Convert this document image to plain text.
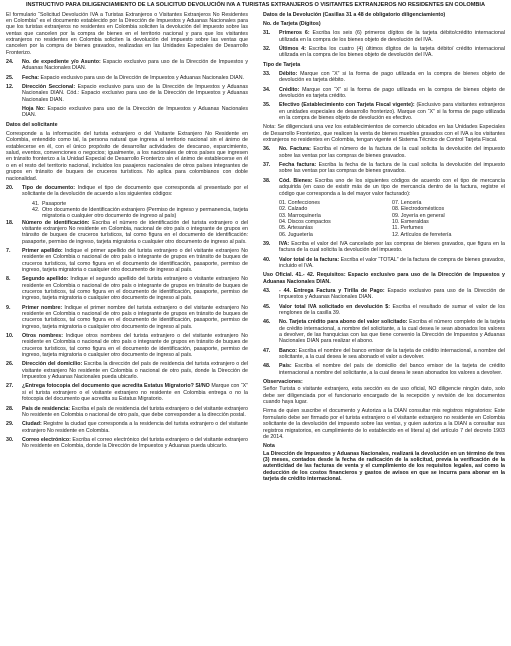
INSTRUCTIVO PARA DILIGENCIAMIENTO DE LA SOLICITUD DEVOLUCIÓN IVA A TURISTAS EXTRANJEROS O VISITANTES EXTRANJEROS NO RESIDENTES EN COLOMBIA

El formulario “Solicitud Devolución IVA a Turistas Extranjeros o Visitantes Extranjeros No Residentes en Colombia” es el documento establecido por la Dirección de Impuestos y Aduanas Nacionales para que los turistas extranjeros no residentes en Colombia soliciten la devolución del impuesto sobre las ventas que cancelen por la compra de bienes en el territorio nacional y para que los visitantes extranjeros no residentes en Colombia soliciten la devolución del impuesto sobre las ventas que cancelen por la compra de bienes gravados, realizadas en las Unidades Especiales de Desarrollo Fronterizo.

24.	No. de expediente y/o Asunto: Espacio exclusivo para uso de la Dirección de Impuestos y Aduanas Nacionales DIAN.
25.	Fecha: Espacio exclusivo para uso de la Dirección de Impuestos y Aduanas Nacionales DIAN.
12.	Dirección Seccional: Espacio exclusivo para uso de la Dirección de Impuestos y Aduanas Nacionales DIAN. Cód.: Espacio exclusivo para uso de la Dirección de Impuestos y Aduanas Nacionales DIAN.
Hoja No: Espacio exclusivo para uso de la Dirección de Impuestos y Aduanas Nacionales DIAN.
Datos del solicitante

Corresponde a la información del turista extranjero o del Visitante Extranjero No Residente en Colombia, entendido como tal, la persona natural que ingresa al territorio nacional sin el ánimo de establecerse en él, con el único propósito de desarrollar actividades de descanso, esparcimiento, salud, eventos, convenciones o negocios; igualmente, a los nacionales de otros países que ingresen en tránsito fronterizo a la Unidad Especial de Desarrollo Fronterizo sin el ánimo de establecerse en él o en el resto del territorio nacional, incluidos los pasajeros nacionales de otros países integrantes de grupos en tránsito de buques de cruceros turísticos. No aplica para colombianos con doble nacionalidad.

20.	Tipo de documento: Indique el tipo de documento que corresponda al presentado por el solicitante de la devolución de acuerdo a los siguientes códigos:
41. Pasaporte
42. Otro documento de Identificación extranjero (Permiso de ingreso y permanencia, tarjeta migratoria o cualquier otro documento de ingreso al país)
18.	Número de identificación: Escriba el número de identificación del turista extranjero o del visitante extranjero No residente en Colombia, nacional de otro país o integrante de grupos en tránsito de buques de cruceros turísticos, tal como figura en el documento de identificación: pasaporte, permiso de ingreso, tarjeta migratoria o cualquier otro documento de ingreso al país.
7.	Primer apellido: Indique el primer apellido del turista extranjero o del visitante extranjero No residente en Colombia o nacional de otro país o integrante de grupos en tránsito de buques de cruceros turísticos, tal como figura en el documento de identificación, pasaporte, permiso de ingreso, tarjeta migratoria o cualquier otro documento de ingreso al país.
8.	Segundo apellido: Indique el segundo apellido del turista extranjero o visitante extranjero No residente en Colombia o nacional de otro país o integrante de grupos en tránsito de buques de cruceros turísticos, tal como figura en el documento de identificación, pasaporte, permiso de ingreso, tarjeta migratoria o cualquier otro documento de ingreso al país.
9.	Primer nombre: Indique el primer nombre del turista extranjero o del visitante extranjero No residente en Colombia o nacional de otro país o integrante de grupos en tránsito de buques de cruceros turísticos, tal como figura en el documento de identificación, pasaporte, permiso de ingreso, tarjeta migratoria o cualquier otro documento de ingreso al país.
10.	Otros nombres: Indique otros nombres del turista extranjero o del visitante extranjero No residente en Colombia o nacional de otro país o integrante de grupos en tránsito de buques de cruceros turísticos, tal como figura en el documento de identificación, pasaporte, permiso de ingreso, tarjeta migratoria o cualquier otro documento de ingreso al país.
26.	Dirección del domicilio: Escriba la dirección del país de residencia del turista extranjero o del visitante extranjero No residente en Colombia o nacional de otro país, donde la Dirección de Impuestos y Aduanas Nacionales pueda ubicarlo.
27.	¿Entrega fotocopia del documento que acredita Estatus Migratorio? SI/NO Marque con “X” si el turista extranjero o el visitante extranjero no residente en Colombia entrega o no la fotocopia del documento que acredita su Estatus Migratorio.
28.	País de residencia: Escriba el país de residencia del turista extranjero o del visitante extranjero No residente en Colombia o nacional de otro país, que debe corresponder a la dirección postal.
29.	Ciudad: Registre la ciudad que corresponda a la residencia del turista extranjero o del visitante extranjero No residente en Colombia.
30.	Correo electrónico: Escriba el correo electrónico del turista extranjero o del visitante extranjero No residente en Colombia, donde la Dirección de Impuestos y Aduanas pueda ubicarlo.
Datos de la Devolución (Casillas 31 a 48 de obligatorio diligenciamiento)
No. de Tarjeta (Dígitos)
31.	Primeros 6: Escriba los seis (6) primeros dígitos de la tarjeta débito/crédito internacional utilizada en la compra de los bienes objeto de devolución del IVA.
32.	Últimos 4: Escriba los cuatro (4) últimos dígitos de la tarjeta débito/ crédito internacional utilizada en la compra de los bienes objeto de devolución del IVA.
Tipo de Tarjeta
33.	Débito: Marque con “X” si la forma de pago utilizada en la compra de bienes objeto de devolución es tarjeta débito.
34.	Crédito: Marque con “X” si la forma de pago utilizada en la compra de bienes objeto de devolución es tarjeta crédito.
35.	Efectivo (Establecimiento con Tarjeta Fiscal vigente): (Exclusivo para visitantes extranjeros en unidades especiales de desarrollo fronterizo). Marque con “X” si la forma de pago utilizada en la compra de bienes objeto de devolución es efectivo.

Nota: Se diligenciará una vez los establecimientos de comercio ubicados en las Unidades Especiales de Desarrollo Fronterizo, que realicen la venta de bienes muebles gravados con el IVA a los visitantes extranjeros no residentes en Colombia, tengan vigente el Sistema Técnico de Control Tarjeta Fiscal.

36.	No. Factura: Escriba el número de la factura de la cual solicita la devolución del impuesto sobre las ventas por las compras de bienes gravados.
37.	Fecha factura: Escriba la fecha de la factura de la cual solicita la devolución del impuesto sobre las ventas por las compras de bienes gravados.
38.	Cód. Bienes: Escriba uno de los siguientes códigos de acuerdo con el tipo de mercancía adquirida (en caso de existir más de un tipo de mercancía dentro de la factura, registre el código que corresponda a la del mayor valor facturado):
01. Confecciones
02. Calzado
03. Marroquinería
04. Discos compactos
05. Artesanías
06. Juguetería
07. Lencería
08. Electrodomésticos
09. Joyería en general
10. Esmeraldas
11. Perfumes
12. Artículos de ferretería
39.	IVA: Escriba el valor del IVA cancelado por las compras de bienes gravados, que figura en la factura de la cual solicita la devolución del impuesto.
40.	Valor total de la factura: Escriba el valor “TOTAL” de la factura de compra de bienes gravados, incluido el IVA.

Uso Oficial. 41.- 42. Requisitos: Espacio exclusivo para uso de la Dirección de Impuestos y Aduanas Nacionales DIAN.

43.	- 44. Entrega Factura y Tirilla de Pago: Espacio exclusivo para uso de la Dirección de Impuestos y Aduanas Nacionales DIAN.
45.	Valor total IVA solicitado en devolución $: Escriba el resultado de sumar el valor de los renglones de la casilla 39.
46.	No. Tarjeta crédito para abono del valor solicitado: Escriba el número completo de la tarjeta de crédito internacional, a nombre del solicitante, a la cual desea le sean abonados los valores a devolver, de las franquicias con las que tiene convenio la Dirección de Impuestos y Aduanas Nacionales DIAN para realizar el abono.
47.	Banco: Escriba el nombre del banco emisor de la tarjeta de crédito internacional, a nombre del solicitante, a la cual desea le sea abonado el valor a devolver.
48.	País: Escriba el nombre del país de domicilio del banco emisor de la tarjeta de crédito internacional a nombre del solicitante, a la cual desea le sean abonados los valores a devolver.
Observaciones:

Señor Turista o visitante extranjero, esta sección es de uso oficial, NO diligencie ningún dato, solo debe ser diligenciada por el funcionario encargado de la recepción y revisión de los documentos cuando haya lugar.

Firma de quien suscribe el documento y Autoriza a la DIAN consultar mis registros migratorios: Este formulario debe ser firmado por el turista extranjero o el visitante extranjero no residente en Colombia solicitante de la devolución del impuesto sobre las ventas, y quien autoriza a la DIAN a consultar sus registros migratorios, en cumplimiento de lo establecido en el literal a) del artículo 7 del decreto 1903 de 2014.

Nota

La Dirección de Impuestos y Aduanas Nacionales, realizará la devolución en un término de tres (3) meses, contados desde la fecha de radicación de la solicitud, previa la verificación de la autenticidad de las facturas de venta y el cumplimiento de los requisitos legales, así como la deducción de los costos financieros y gastos de avisos en que se incurra para abonar en la tarjeta de crédito internacional.
